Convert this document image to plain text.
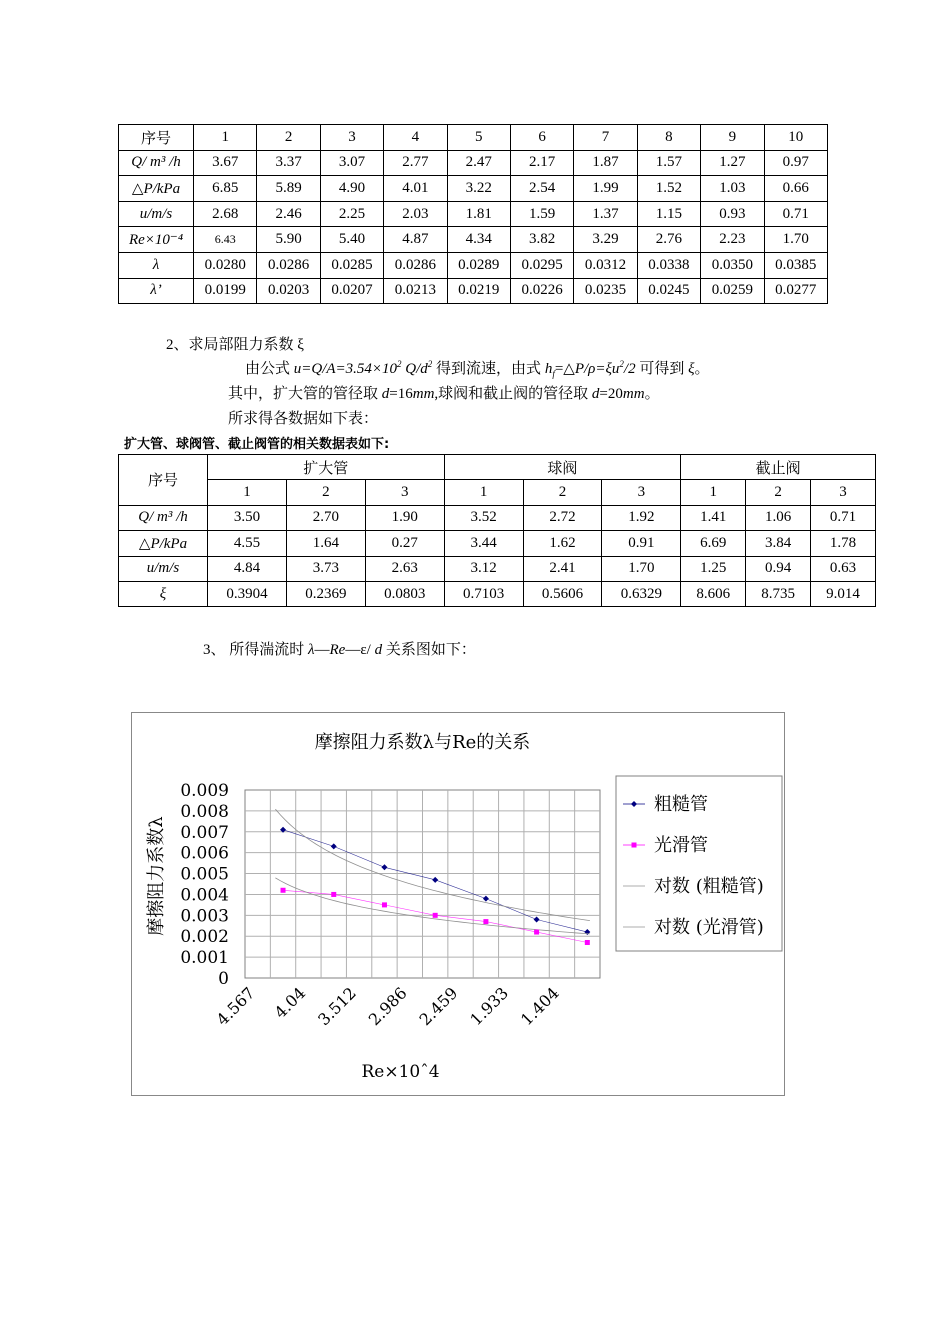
序号	1	2	3	4	5	6	7	8	9	10
Q/ m³ /h	3.67	3.37	3.07	2.77	2.47	2.17	1.87	1.57	1.27	0.97
△P/kPa	6.85	5.89	4.90	4.01	3.22	2.54	1.99	1.52	1.03	0.66
u/m/s	2.68	2.46	2.25	2.03	1.81	1.59	1.37	1.15	0.93	0.71
Re×10⁻⁴	6.43	5.90	5.40	4.87	4.34	3.82	3.29	2.76	2.23	1.70
λ	0.0280	0.0286	0.0285	0.0286	0.0289	0.0295	0.0312	0.0338	0.0350	0.0385
λ’	0.0199	0.0203	0.0207	0.0213	0.0219	0.0226	0.0235	0.0245	0.0259	0.0277
2、求局部阻力系数 ξ
由公式 $u=Q/A=3.54\times 10^2$ $Q/d^2$ 得到流速，由式 $h_f=\triangle P/\rho=\xi u^2/2$ 可得到 ξ。
其中，扩大管的管径取 d=16mm,球阀和截止阀的管径取 d=20mm。
所求得各数据如下表：
扩大管、球阀管、截止阀管的相关数据表如下:
序号	扩大管			球阀			截止阀		
	1	2	3	1	2	3	1	2	3
Q/ m³ /h	3.50	2.70	1.90	3.52	2.72	1.92	1.41	1.06	0.71
△P/kPa	4.55	1.64	0.27	3.44	1.62	0.91	6.69	3.84	1.78
u/m/s	4.84	3.73	2.63	3.12	2.41	1.70	1.25	0.94	0.63
ξ	0.3904	0.2369	0.0803	0.7103	0.5606	0.6329	8.606	8.735	9.014
3、 所得湍流时 λ—Re—ε/ d 关系图如下：
0.009
0.008
0.007
0.006
0.005
0.004
0.003
0.002
0.001
0
4.567 4.04 3.512 2.986 2.459 1.933 1.404
摩擦阻力系数λ与Re的关系
Re×10ˆ4
摩擦阻力系数λ
粗糙管
光滑管
对数 (粗糙管)
对数 (光滑管)
